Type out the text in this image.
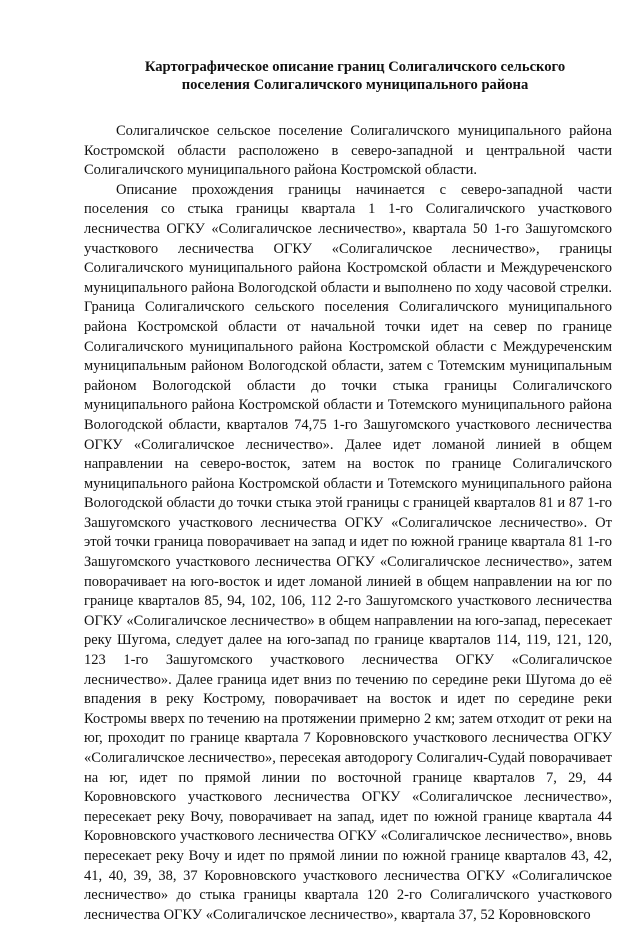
Картографическое описание границ Солигаличского сельского
поселения Солигаличского муниципального района

Солигаличское сельское поселение Солигаличского муниципального района Костромской области расположено в северо-западной и центральной части Солигаличского муниципального района Костромской области.

Описание прохождения границы начинается с северо-западной части поселения со стыка границы квартала 1 1-го Солигаличского участкового лесничества ОГКУ «Солигаличское лесничество», квартала 50 1-го Зашугомского участкового лесничества ОГКУ «Солигаличское лесничество», границы Солигаличского муниципального района Костромской области и Междуреченского муниципального района Вологодской области и выполнено по ходу часовой стрелки. Граница Солигаличского сельского поселения Солигаличского муниципального района Костромской области от начальной точки идет на север по границе Солигаличского муниципального района Костромской области с Междуреченским муниципальным районом Вологодской области, затем с Тотемским муниципальным районом Вологодской области до точки стыка границы Солигаличского муниципального района Костромской области и Тотемского муниципального района Вологодской области, кварталов 74,75 1-го Зашугомского участкового лесничества ОГКУ «Солигаличское лесничество». Далее идет ломаной линией в общем направлении на северо-восток, затем на восток по границе Солигаличского муниципального района Костромской области и Тотемского муниципального района Вологодской области до точки стыка этой границы с границей кварталов 81 и 87 1-го Зашугомского участкового лесничества ОГКУ «Солигаличское лесничество». От этой точки граница поворачивает на запад и идет по южной границе квартала 81 1-го Зашугомского участкового лесничества ОГКУ «Солигаличское лесничество», затем поворачивает на юго-восток и идет ломаной линией в общем направлении на юг по границе кварталов 85, 94, 102, 106, 112 2-го Зашугомского участкового лесничества ОГКУ «Солигаличское лесничество» в общем направлении на юго-запад, пересекает реку Шугома, следует далее на юго-запад по границе кварталов 114, 119, 121, 120, 123 1-го Зашугомского участкового лесничества ОГКУ «Солигаличское лесничество». Далее граница идет вниз по течению по середине реки Шугома до её впадения в реку Кострому, поворачивает на восток и идет по середине реки Костромы вверх по течению на протяжении примерно 2 км; затем отходит от реки на юг, проходит по границе квартала 7 Коровновского участкового лесничества ОГКУ «Солигаличское лесничество», пересекая автодорогу Солигалич-Судай поворачивает на юг, идет по прямой линии по восточной границе кварталов 7, 29, 44 Коровновского участкового лесничества ОГКУ «Солигаличское лесничество», пересекает реку Вочу, поворачивает на запад, идет по южной границе квартала 44 Коровновского участкового лесничества ОГКУ «Солигаличское лесничество», вновь пересекает реку Вочу и идет по прямой линии по южной границе кварталов 43, 42, 41, 40, 39, 38, 37 Коровновского участкового лесничества ОГКУ «Солигаличское лесничество» до стыка границы квартала 120 2-го Солигаличского участкового лесничества ОГКУ «Солигаличское лесничество», квартала 37, 52 Коровновского
